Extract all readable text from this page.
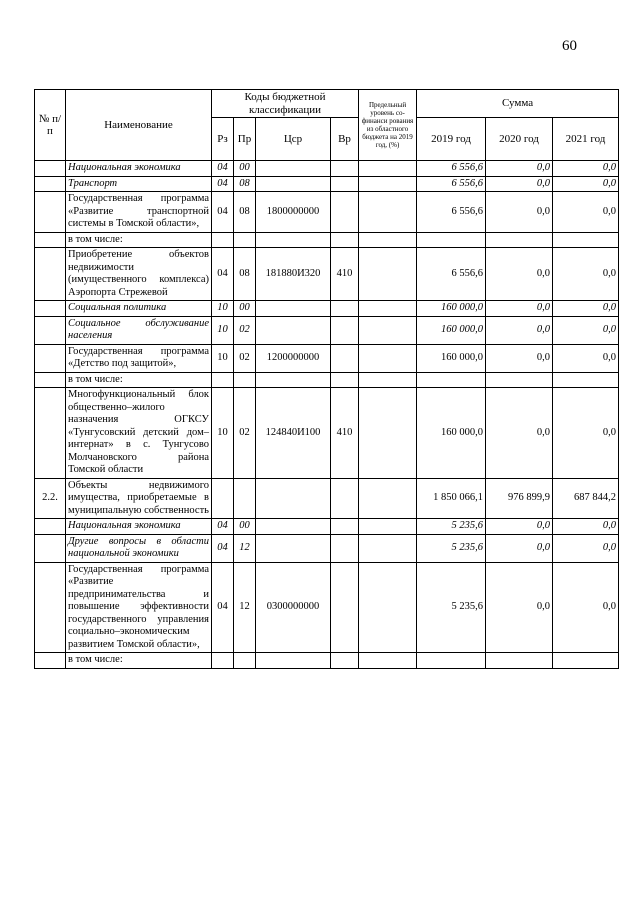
60
№ п/п	Наименование	Коды бюджетной классификации				Предельный уровень со-финанси рования из областного бюджета на 2019 год, (%)	Сумма		
		Рз	Пр	Цср	Вр		2019 год	2020 год	2021 год
	Национальная экономика	04	00				6 556,6	0,0	0,0
	Транспорт	04	08				6 556,6	0,0	0,0
	Государственная программа «Развитие транспортной системы в Томской области»,	04	08	1800000000			6 556,6	0,0	0,0
	в том числе:								
	Приобретение объектов недвижимости (имущественного комплекса) Аэропорта Стрежевой	04	08	181880И320	410		6 556,6	0,0	0,0
	Социальная политика	10	00				160 000,0	0,0	0,0
	Социальное обслуживание населения	10	02				160 000,0	0,0	0,0
	Государственная программа «Детство под защитой»,	10	02	1200000000			160 000,0	0,0	0,0
	в том числе:								
	Многофункциональный блок общественно–жилого назначения ОГКСУ «Тунгусовский детский дом–интернат» в с. Тунгусово Молчановского района Томской области	10	02	124840И100	410		160 000,0	0,0	0,0
2.2.	Объекты недвижимого имущества, приобретаемые в муниципальную собственность						1 850 066,1	976 899,9	687 844,2
	Национальная экономика	04	00				5 235,6	0,0	0,0
	Другие вопросы в области национальной экономики	04	12				5 235,6	0,0	0,0
	Государственная программа «Развитие предпринимательства и повышение эффективности государственного управления социально–экономическим развитием Томской области»,	04	12	0300000000			5 235,6	0,0	0,0
	в том числе:								
